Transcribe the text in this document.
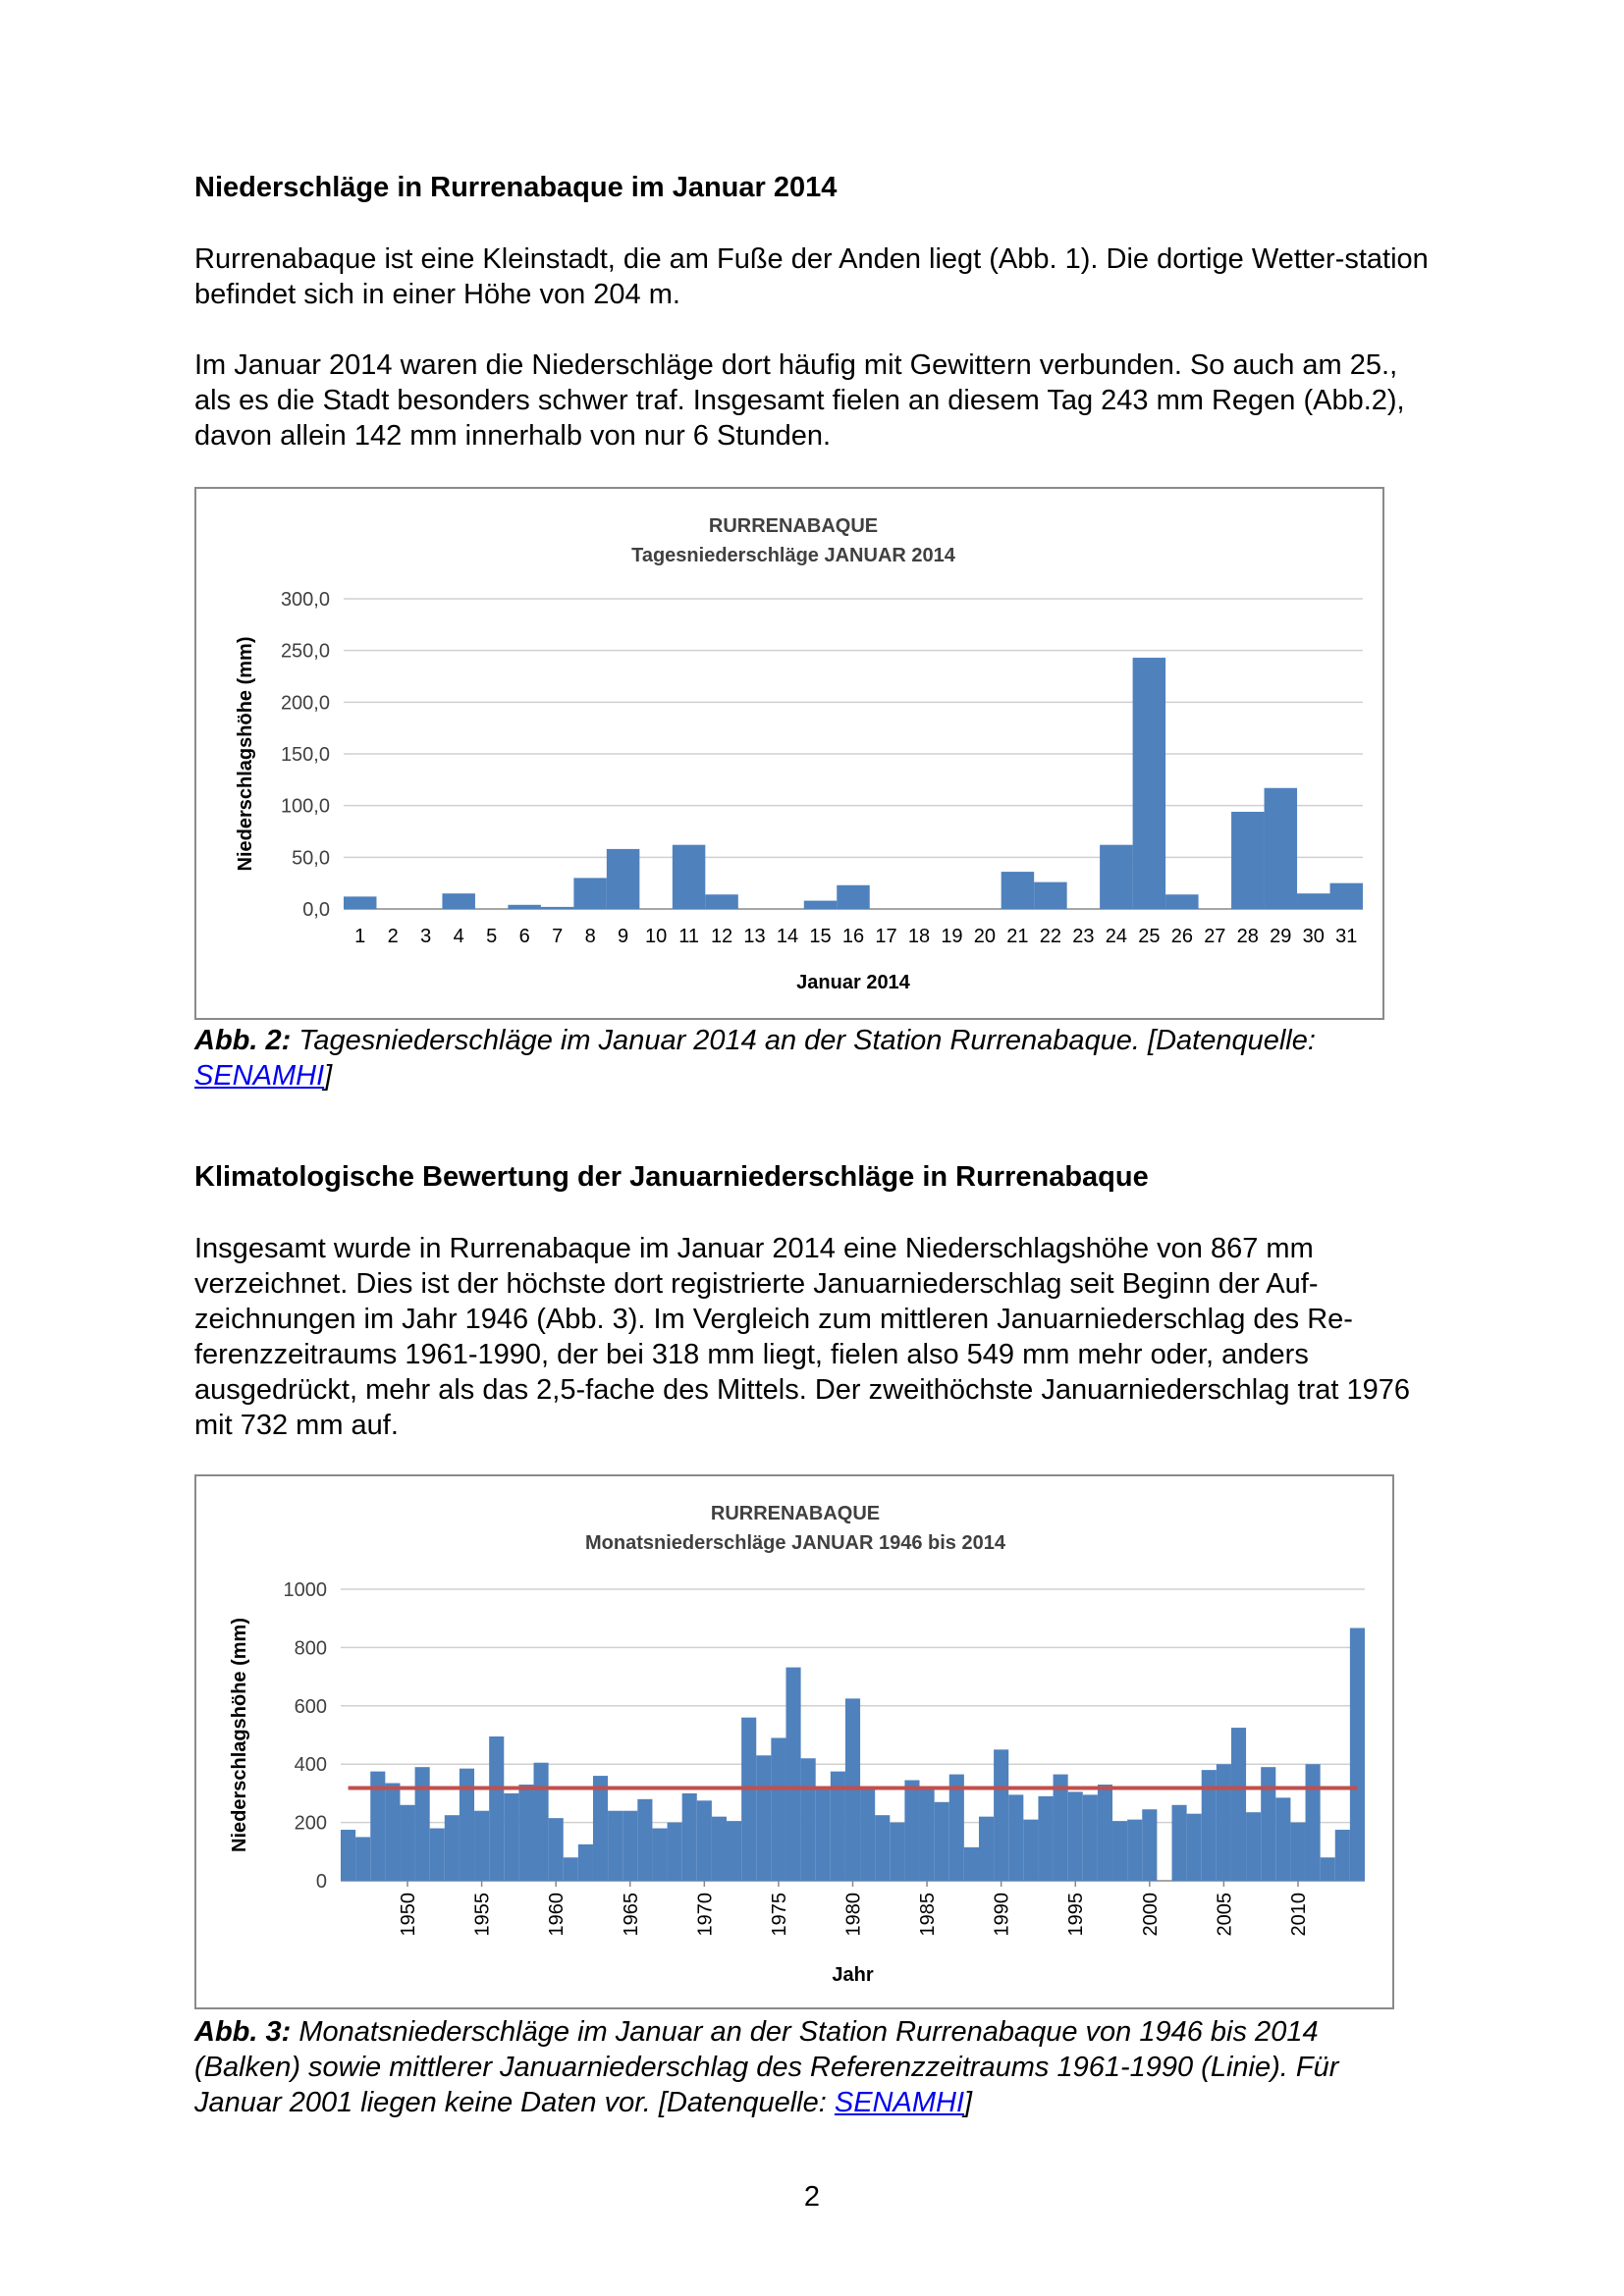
Niederschläge in Rurrenabaque im Januar 2014

Rurrenabaque ist eine Kleinstadt, die am Fuße der Anden liegt (Abb. 1). Die dortige Wetter-station befindet sich in einer Höhe von 204 m.

Im Januar 2014 waren die Niederschläge dort häufig mit Gewittern verbunden. So auch am 25., als es die Stadt besonders schwer traf. Insgesamt fielen an diesem Tag 243 mm Regen (Abb.2), davon allein 142 mm innerhalb von nur 6 Stunden.

RURRENABAQUE
Tagesniederschläge JANUAR 2014
0,0
50,0
100,0
150,0
200,0
250,0
300,0
Niederschlagshöhe (mm)
Januar 2014
1 2 3 4 5 6 7 8 9 10 11 12 13 14 15 16 17 18 19 20 21 22 23 24 25 26 27 28 29 30 31

Abb. 2: Tagesniederschläge im Januar 2014 an der Station Rurrenabaque. [Datenquelle: SENAMHI]

Klimatologische Bewertung der Januarniederschläge in Rurrenabaque

Insgesamt wurde in Rurrenabaque im Januar 2014 eine Niederschlagshöhe von 867 mm verzeichnet. Dies ist der höchste dort registrierte Januarniederschlag seit Beginn der Auf-zeichnungen im Jahr 1946 (Abb. 3). Im Vergleich zum mittleren Januarniederschlag des Re-ferenzzeitraums 1961-1990, der bei 318 mm liegt, fielen also 549 mm mehr oder, anders ausgedrückt, mehr als das 2,5-fache des Mittels. Der zweithöchste Januarniederschlag trat 1976 mit 732 mm auf.

RURRENABAQUE
Monatsniederschläge JANUAR 1946 bis 2014
0
200
400
600
800
1000
Niederschlagshöhe (mm)
Jahr
1950	1955	1960	1965	1970	1975	1980	1985	1990	1995	2000	2005	2010

Abb. 3: Monatsniederschläge im Januar an der Station Rurrenabaque von 1946 bis 2014 (Balken) sowie mittlerer Januarniederschlag des Referenzzeitraums 1961-1990 (Linie). Für Januar 2001 liegen keine Daten vor. [Datenquelle: SENAMHI]

2
